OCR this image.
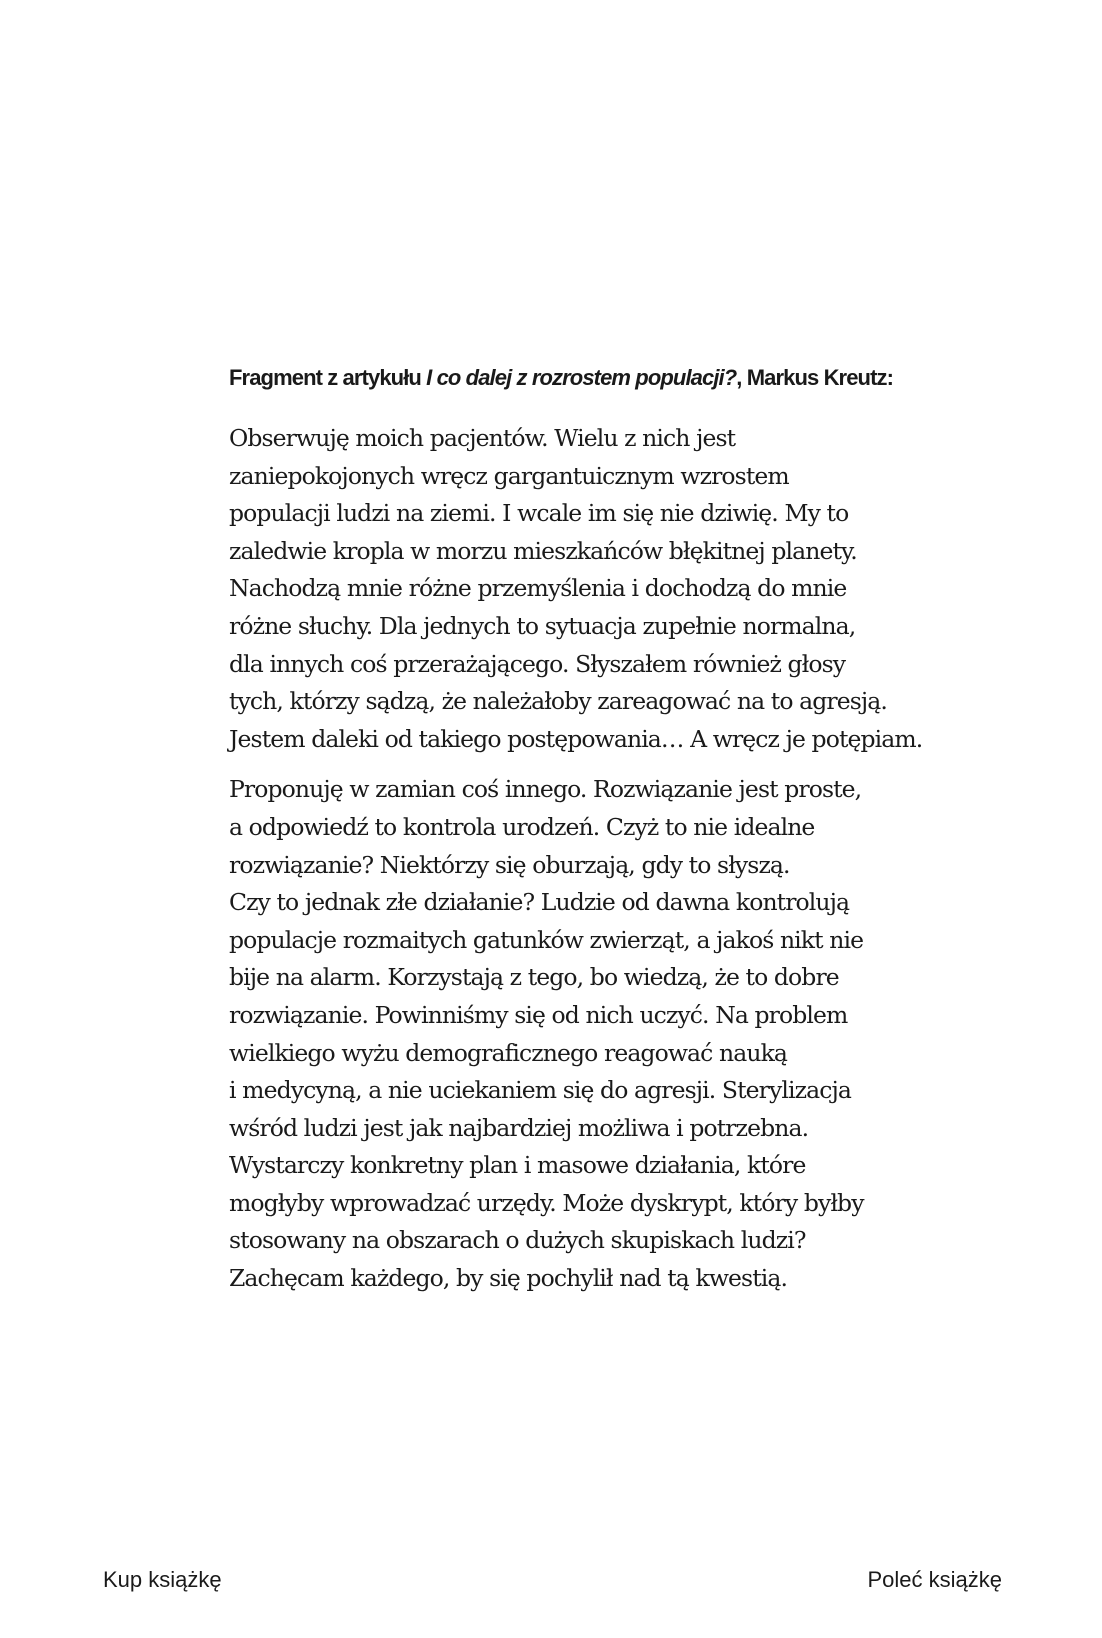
Fragment z artykułu I co dalej z rozrostem populacji?, Markus Kreutz:

Obserwuję moich pacjentów. Wielu z nich jest
zaniepokojonych wręcz gargantuicznym wzrostem
populacji ludzi na ziemi. I wcale im się nie dziwię. My to
zaledwie kropla w morzu mieszkańców błękitnej planety.
Nachodzą mnie różne przemyślenia i dochodzą do mnie
różne słuchy. Dla jednych to sytuacja zupełnie normalna,
dla innych coś przerażającego. Słyszałem również głosy
tych, którzy sądzą, że należałoby zareagować na to agresją.
Jestem daleki od takiego postępowania… A wręcz je potępiam.

Proponuję w zamian coś innego. Rozwiązanie jest proste,
a odpowiedź to kontrola urodzeń. Czyż to nie idealne
rozwiązanie? Niektórzy się oburzają, gdy to słyszą.
Czy to jednak złe działanie? Ludzie od dawna kontrolują
populacje rozmaitych gatunków zwierząt, a jakoś nikt nie
bije na alarm. Korzystają z tego, bo wiedzą, że to dobre
rozwiązanie. Powinniśmy się od nich uczyć. Na problem
wielkiego wyżu demograficznego reagować nauką
i medycyną, a nie uciekaniem się do agresji. Sterylizacja
wśród ludzi jest jak najbardziej możliwa i potrzebna.
Wystarczy konkretny plan i masowe działania, które
mogłyby wprowadzać urzędy. Może dyskrypt, który byłby
stosowany na obszarach o dużych skupiskach ludzi?
Zachęcam każdego, by się pochylił nad tą kwestią.

Kup książkę	Poleć książkę
